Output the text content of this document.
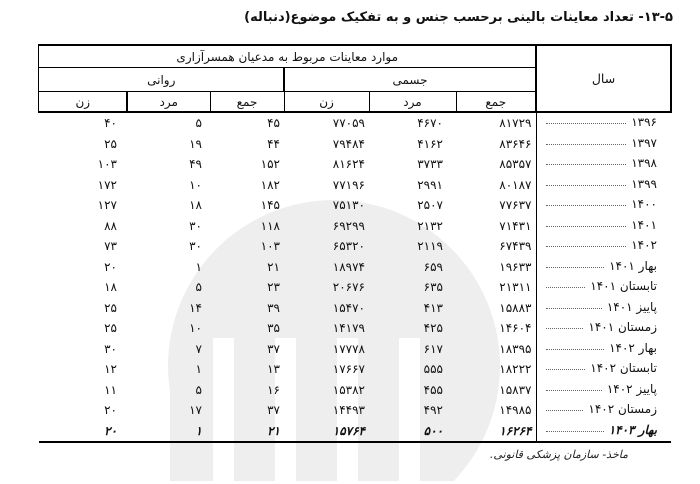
۱۳-۵- تعداد معاینات بالینی برحسب جنس و به تفکیک موضوع(دنباله)
سال	موارد معاینات مربوط به مدعیان همسرآزاری					
	جسمی			روانی		
	جمع	مرد	زن	جمع	مرد	زن

۱۳۹۶	۸۱۷۲۹	۴۶۷۰	۷۷۰۵۹	۴۵	۵	۴۰

۱۳۹۷	۸۳۶۴۶	۴۱۶۲	۷۹۴۸۴	۴۴	۱۹	۲۵

۱۳۹۸	۸۵۳۵۷	۳۷۳۳	۸۱۶۲۴	۱۵۲	۴۹	۱۰۳

۱۳۹۹	۸۰۱۸۷	۲۹۹۱	۷۷۱۹۶	۱۸۲	۱۰	۱۷۲

۱۴۰۰	۷۷۶۳۷	۲۵۰۷	۷۵۱۳۰	۱۴۵	۱۸	۱۲۷

۱۴۰۱	۷۱۴۳۱	۲۱۳۲	۶۹۲۹۹	۱۱۸	۳۰	۸۸

۱۴۰۲	۶۷۴۳۹	۲۱۱۹	۶۵۳۲۰	۱۰۳	۳۰	۷۳

بهار ۱۴۰۱	۱۹۶۳۳	۶۵۹	۱۸۹۷۴	۲۱	۱	۲۰

تابستان ۱۴۰۱	۲۱۳۱۱	۶۳۵	۲۰۶۷۶	۲۳	۵	۱۸

پاییز ۱۴۰۱	۱۵۸۸۳	۴۱۳	۱۵۴۷۰	۳۹	۱۴	۲۵

زمستان ۱۴۰۱	۱۴۶۰۴	۴۲۵	۱۴۱۷۹	۳۵	۱۰	۲۵

بهار ۱۴۰۲	۱۸۳۹۵	۶۱۷	۱۷۷۷۸	۳۷	۷	۳۰

تابستان ۱۴۰۲	۱۸۲۲۲	۵۵۵	۱۷۶۶۷	۱۳	۱	۱۲

پاییز ۱۴۰۲	۱۵۸۳۷	۴۵۵	۱۵۳۸۲	۱۶	۵	۱۱

زمستان ۱۴۰۲	۱۴۹۸۵	۴۹۲	۱۴۴۹۳	۳۷	۱۷	۲۰

بهار ۱۴۰۳	۱۶۲۶۴	۵۰۰	۱۵۷۶۴	۲۱	۱	۲۰
ماخذ- سازمان پزشکی قانونی.
